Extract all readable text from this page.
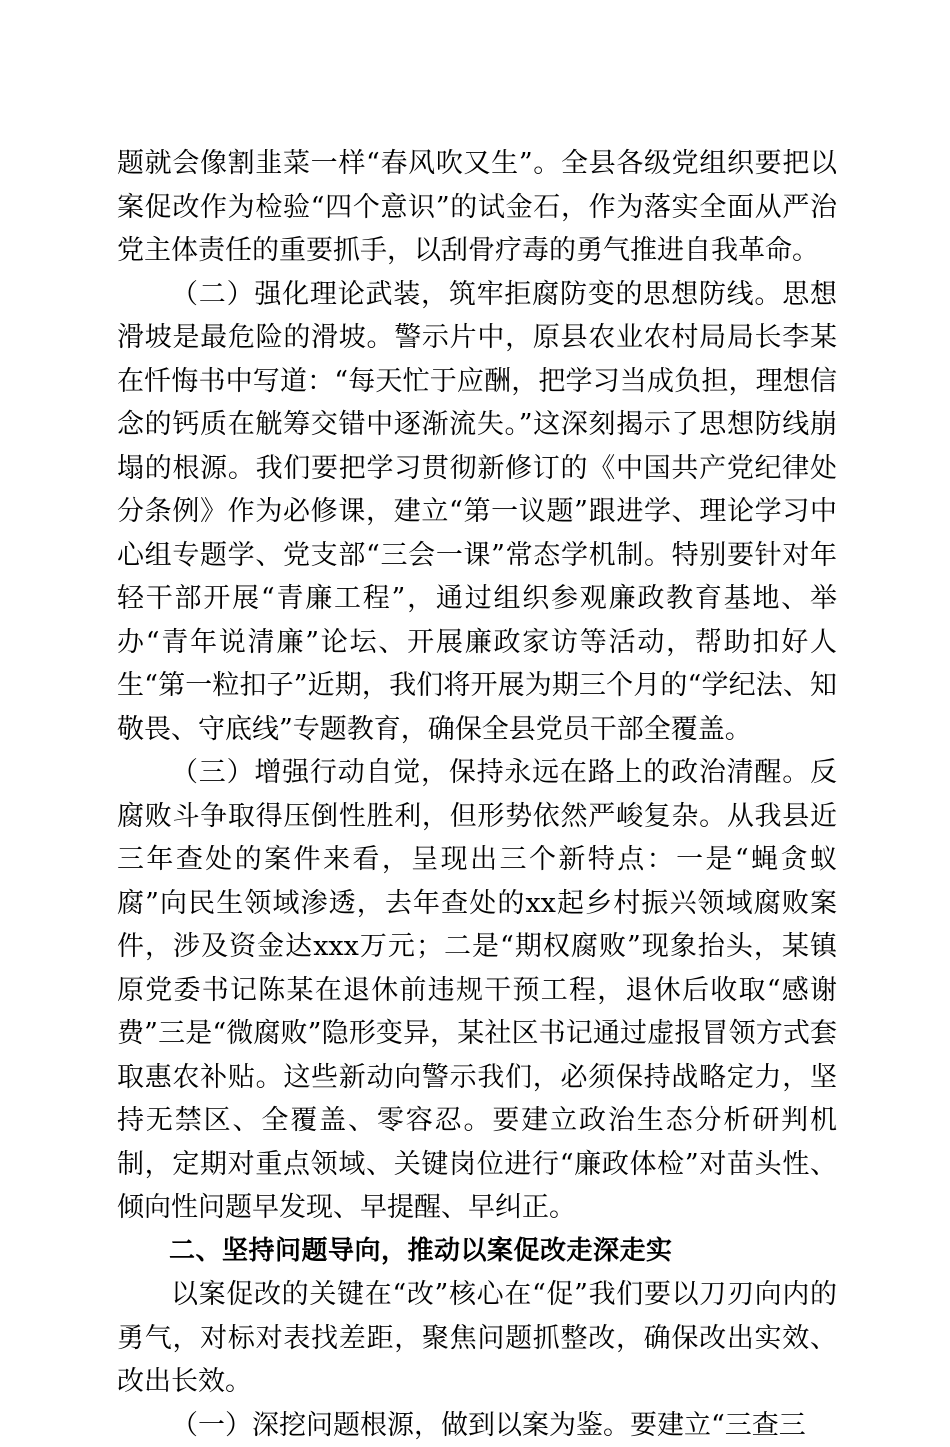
题就会像割韭菜一样“春风吹又生”。全县各级党组织要把以案促改作为检验“四个意识”的试金石，作为落实全面从严治党主体责任的重要抓手，以刮骨疗毒的勇气推进自我革命。

（二）强化理论武装，筑牢拒腐防变的思想防线。思想滑坡是最危险的滑坡。警示片中，原县农业农村局局长李某在忏悔书中写道：“每天忙于应酬，把学习当成负担，理想信念的钙质在觥筹交错中逐渐流失。”这深刻揭示了思想防线崩塌的根源。我们要把学习贯彻新修订的《中国共产党纪律处分条例》作为必修课，建立“第一议题”跟进学、理论学习中心组专题学、党支部“三会一课”常态学机制。特别要针对年轻干部开展“青廉工程”，通过组织参观廉政教育基地、举办“青年说清廉”论坛、开展廉政家访等活动，帮助扣好人生“第一粒扣子”近期，我们将开展为期三个月的“学纪法、知敬畏、守底线”专题教育，确保全县党员干部全覆盖。

（三）增强行动自觉，保持永远在路上的政治清醒。反腐败斗争取得压倒性胜利，但形势依然严峻复杂。从我县近三年查处的案件来看，呈现出三个新特点：一是“蝇贪蚁腐”向民生领域渗透，去年查处的xx起乡村振兴领域腐败案件，涉及资金达xxx万元；二是“期权腐败”现象抬头，某镇原党委书记陈某在退休前违规干预工程，退休后收取“感谢费”三是“微腐败”隐形变异，某社区书记通过虚报冒领方式套取惠农补贴。这些新动向警示我们，必须保持战略定力，坚持无禁区、全覆盖、零容忍。要建立政治生态分析研判机制，定期对重点领域、关键岗位进行“廉政体检”对苗头性、倾向性问题早发现、早提醒、早纠正。

二、坚持问题导向，推动以案促改走深走实

以案促改的关键在“改”核心在“促”我们要以刀刃向内的勇气，对标对表找差距，聚焦问题抓整改，确保改出实效、改出长效。

（一）深挖问题根源，做到以案为鉴。要建立“三查三
